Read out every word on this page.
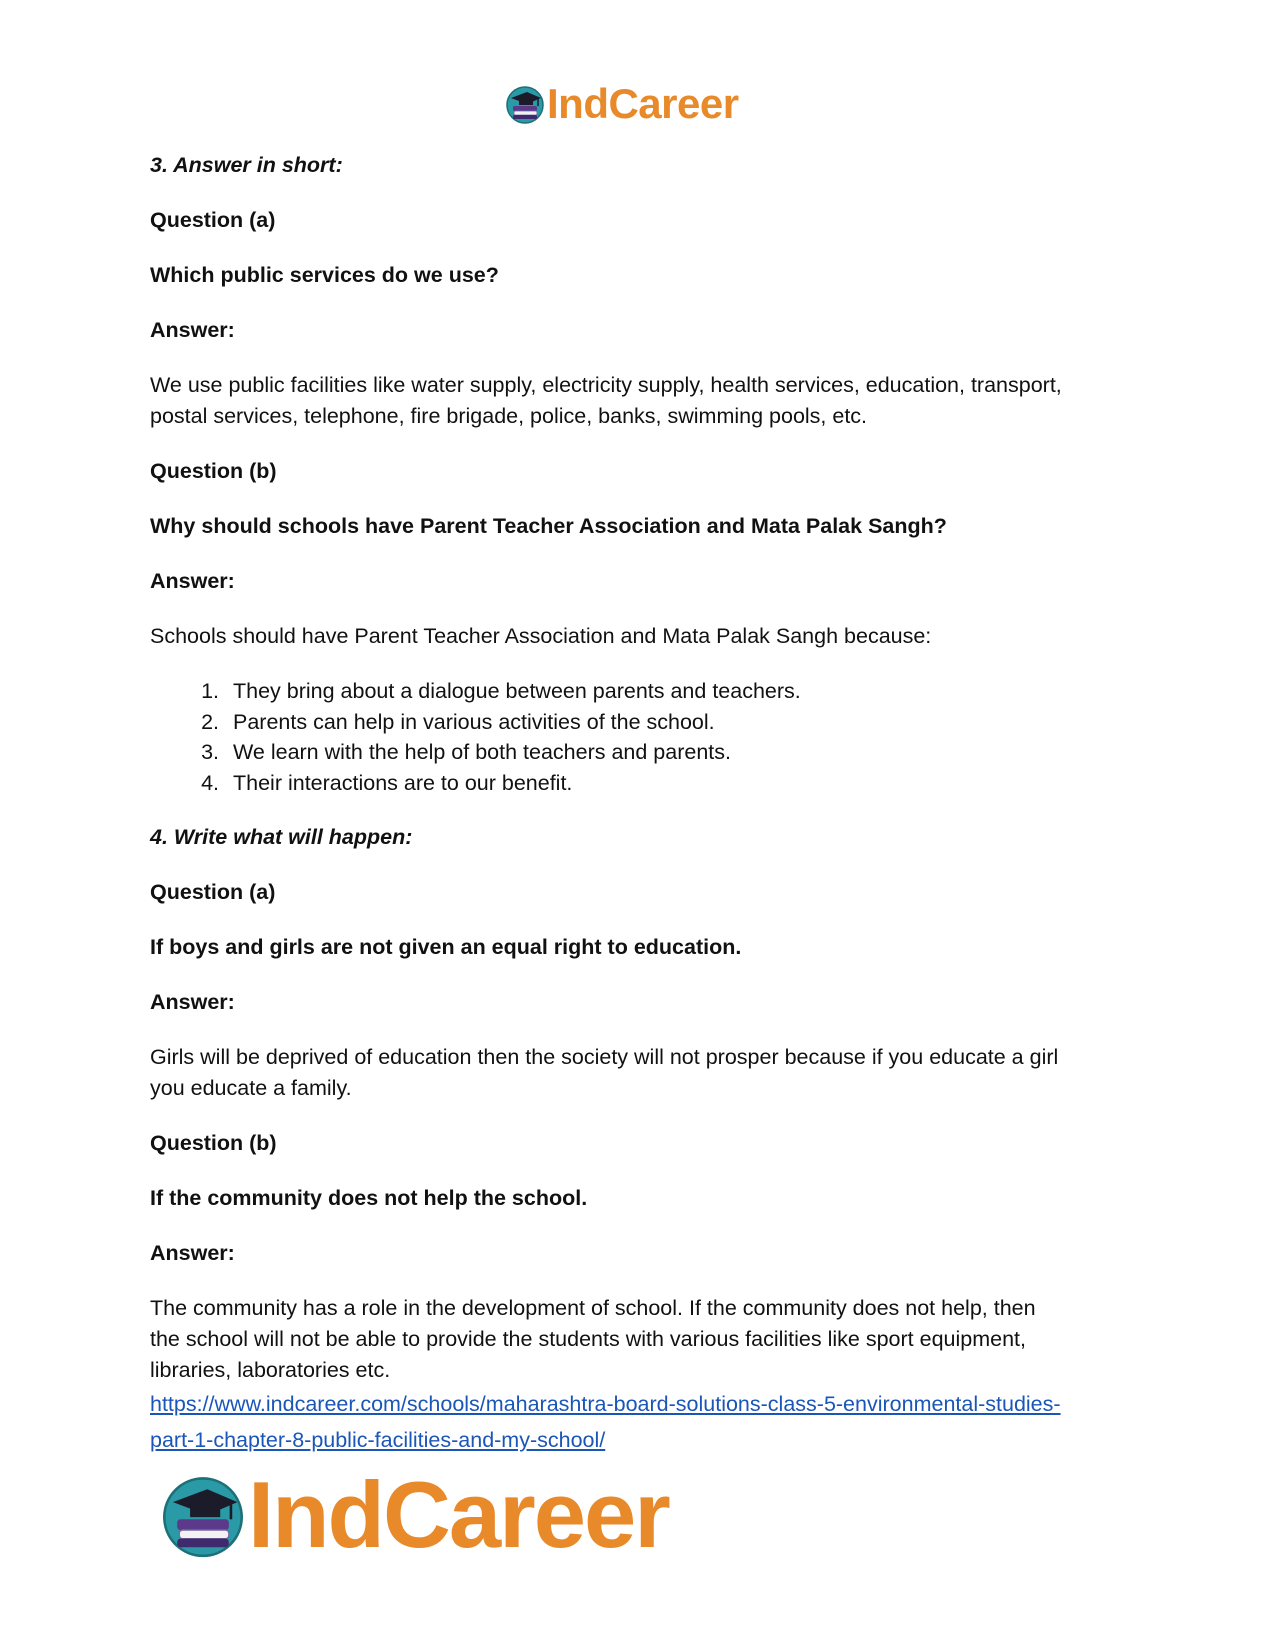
IndCareer

3. Answer in short:

Question (a)

Which public services do we use?

Answer:

We use public facilities like water supply, electricity supply, health services, education, transport,

postal services, telephone, fire brigade, police, banks, swimming pools, etc.

Question (b)

Why should schools have Parent Teacher Association and Mata Palak Sangh?

Answer:

Schools should have Parent Teacher Association and Mata Palak Sangh because:

1. They bring about a dialogue between parents and teachers.
2. Parents can help in various activities of the school.
3. We learn with the help of both teachers and parents.
4. Their interactions are to our benefit.

4. Write what will happen:

Question (a)

If boys and girls are not given an equal right to education.

Answer:

Girls will be deprived of education then the society will not prosper because if you educate a girl

you educate a family.

Question (b)

If the community does not help the school.

Answer:

The community has a role in the development of school. If the community does not help, then

the school will not be able to provide the students with various facilities like sport equipment,

libraries, laboratories etc.

https://www.indcareer.com/schools/maharashtra-board-solutions-class-5-environmental-studies-
part-1-chapter-8-public-facilities-and-my-school/
IndCareer
